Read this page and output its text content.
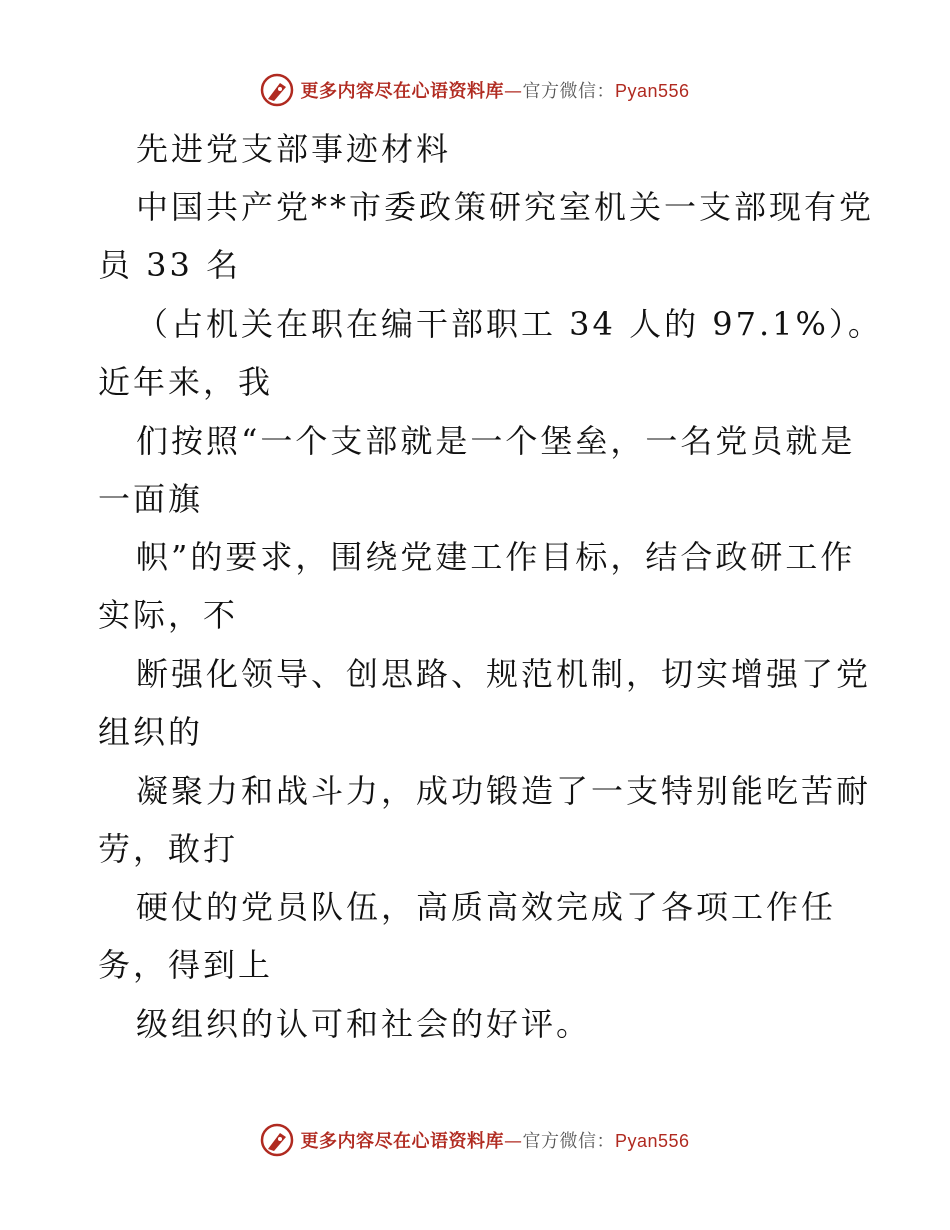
更多内容尽在心语资料库—官方微信：Pyan556
先进党支部事迹材料
中国共产党**市委政策研究室机关一支部现有党
员 33 名
（占机关在职在编干部职工 34 人的 97.1%）。
近年来，我
们按照“一个支部就是一个堡垒，一名党员就是
一面旗
帜”的要求，围绕党建工作目标，结合政研工作
实际，不
断强化领导、创思路、规范机制，切实增强了党
组织的
凝聚力和战斗力，成功锻造了一支特别能吃苦耐
劳，敢打
硬仗的党员队伍，高质高效完成了各项工作任
务，得到上
级组织的认可和社会的好评。
更多内容尽在心语资料库—官方微信：Pyan556
